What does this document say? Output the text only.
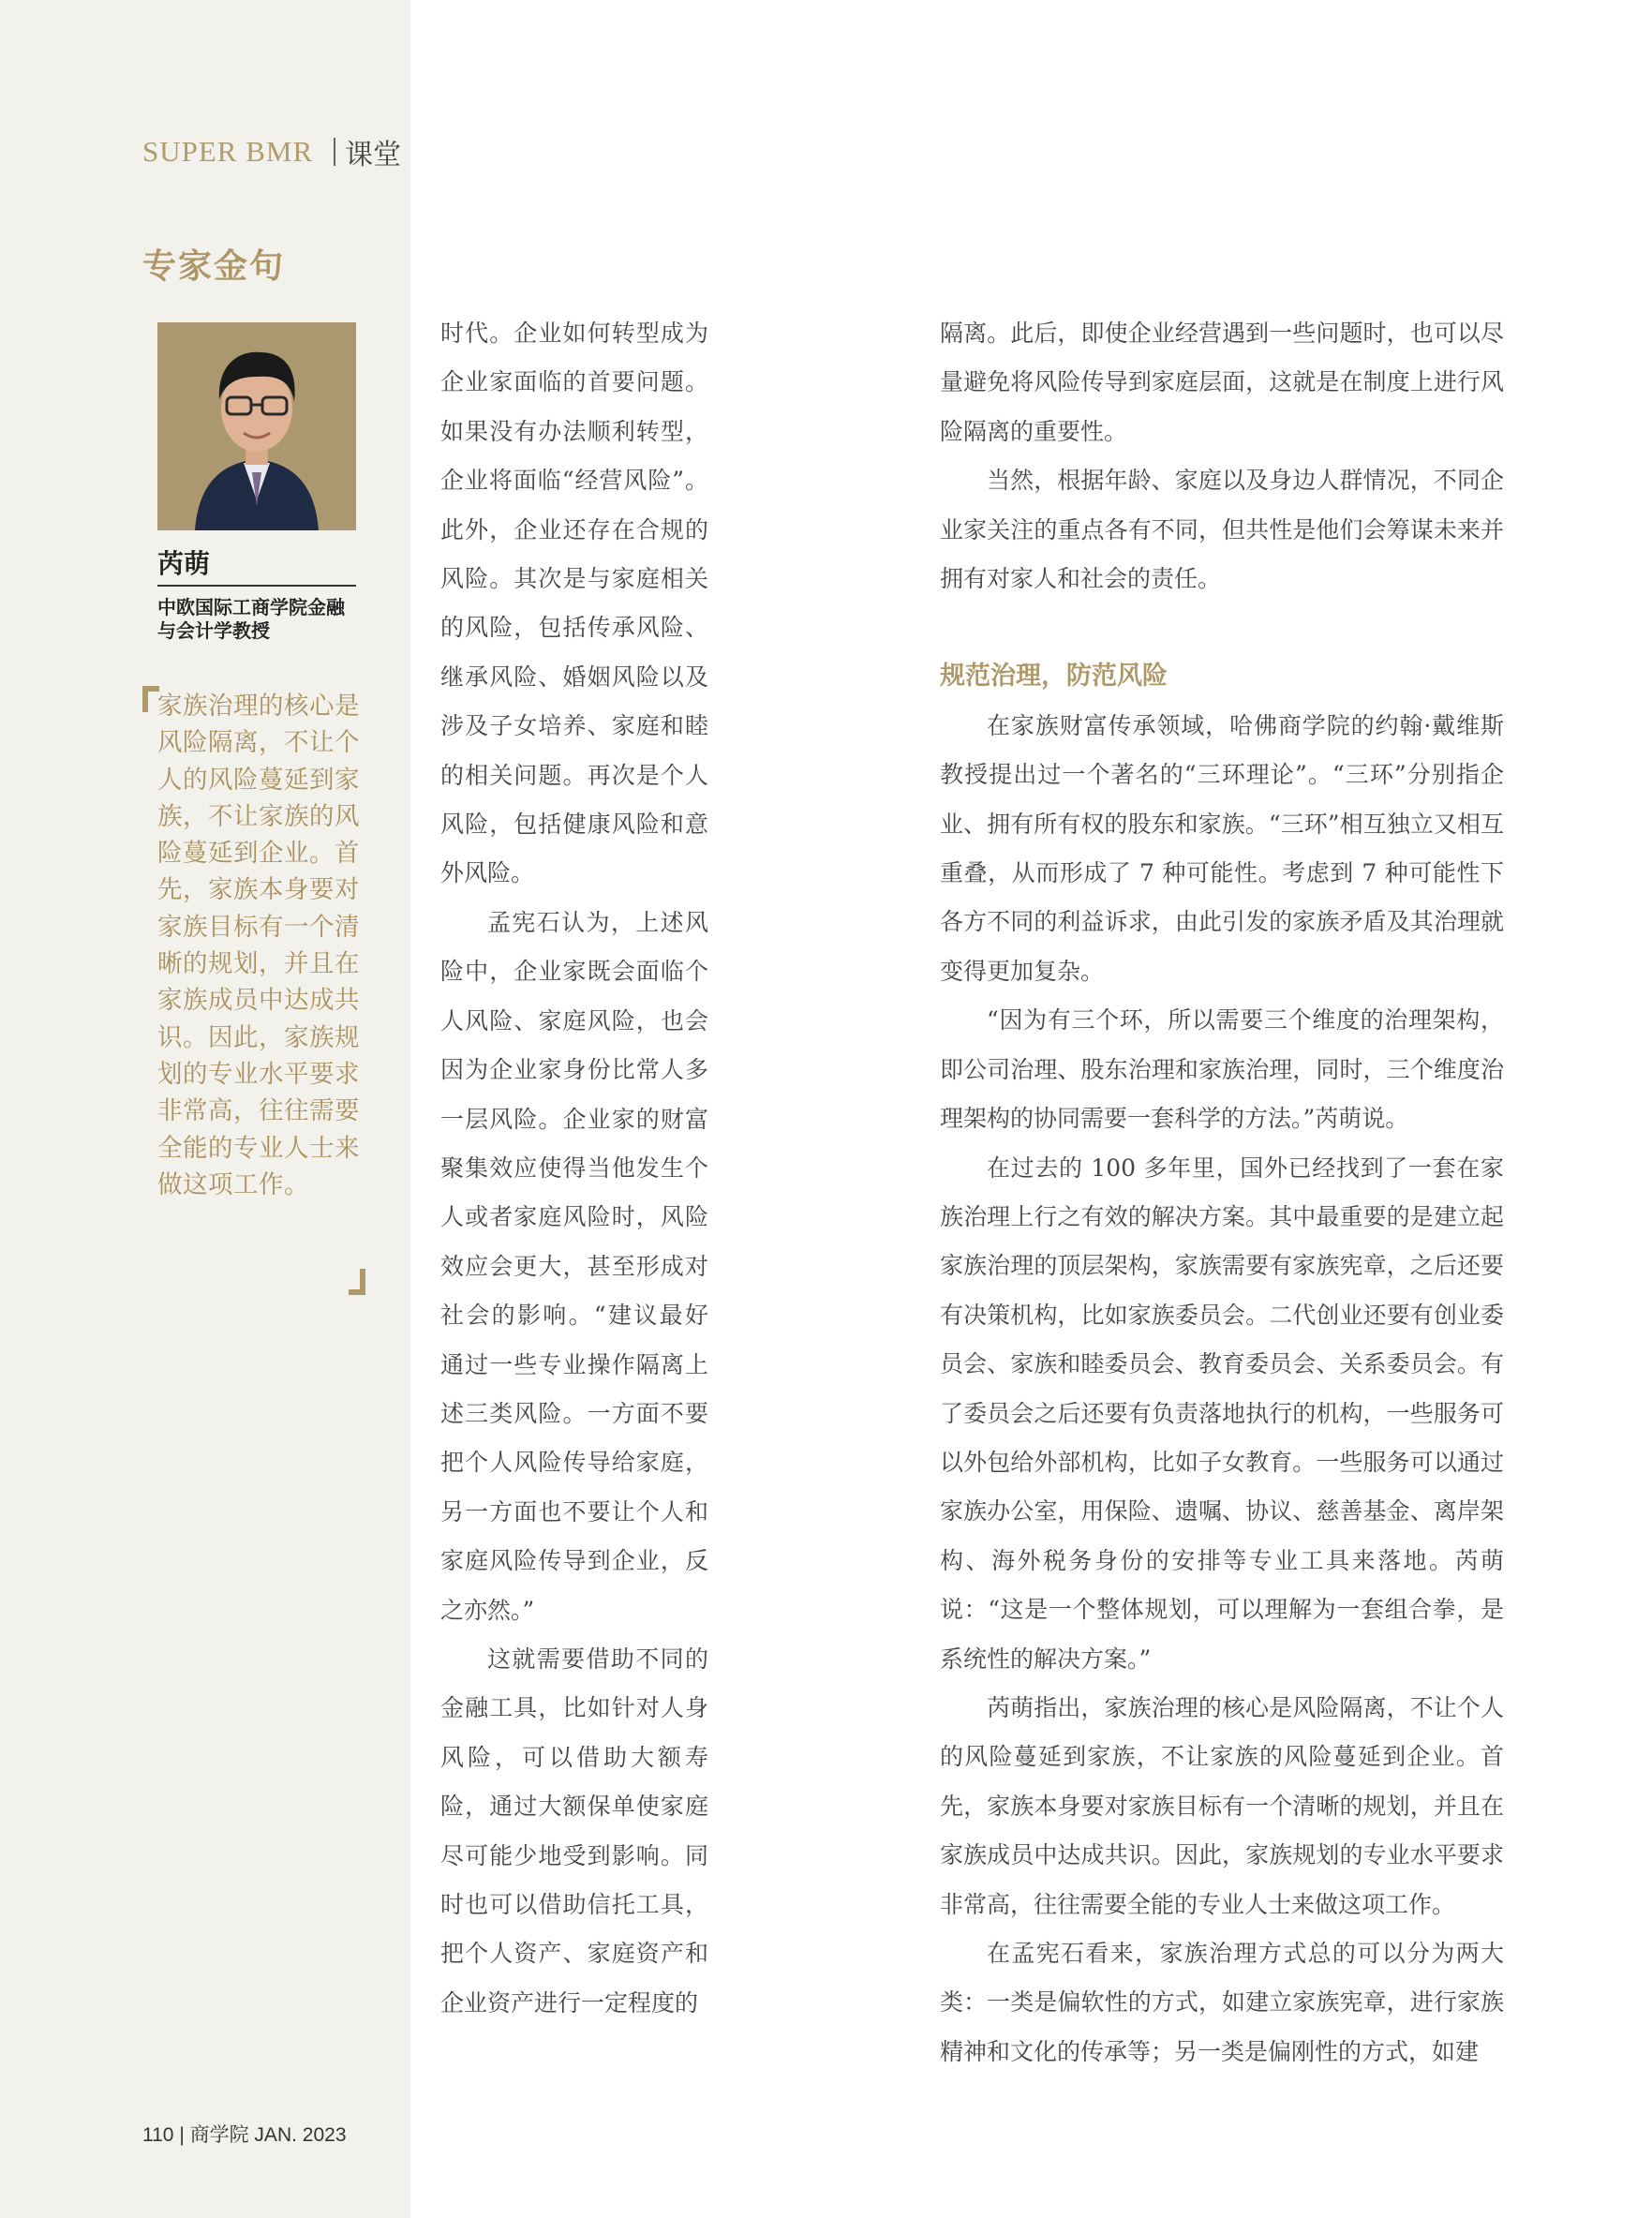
SUPER BMR 课堂
专家金句
芮萌
中欧国际工商学院金融与会计学教授
家族治理的核心是风险隔离，不让个人的风险蔓延到家族，不让家族的风险蔓延到企业。首先，家族本身要对家族目标有一个清晰的规划，并且在家族成员中达成共识。因此，家族规划的专业水平要求非常高，往往需要全能的专业人士来做这项工作。

时代。企业如何转型成为企业家面临的首要问题。如果没有办法顺利转型，企业将面临“经营风险”。此外，企业还存在合规的风险。其次是与家庭相关的风险，包括传承风险、继承风险、婚姻风险以及涉及子女培养、家庭和睦的相关问题。再次是个人风险，包括健康风险和意外风险。

孟宪石认为，上述风险中，企业家既会面临个人风险、家庭风险，也会因为企业家身份比常人多一层风险。企业家的财富聚集效应使得当他发生个人或者家庭风险时，风险效应会更大，甚至形成对社会的影响。“建议最好通过一些专业操作隔离上述三类风险。一方面不要把个人风险传导给家庭，另一方面也不要让个人和家庭风险传导到企业，反之亦然。”

这就需要借助不同的金融工具，比如针对人身风险，可以借助大额寿险，通过大额保单使家庭尽可能少地受到影响。同时也可以借助信托工具，把个人资产、家庭资产和企业资产进行一定程度的

隔离。此后，即使企业经营遇到一些问题时，也可以尽量避免将风险传导到家庭层面，这就是在制度上进行风险隔离的重要性。

当然，根据年龄、家庭以及身边人群情况，不同企业家关注的重点各有不同，但共性是他们会筹谋未来并拥有对家人和社会的责任。

规范治理，防范风险

在家族财富传承领域，哈佛商学院的约翰·戴维斯教授提出过一个著名的“三环理论”。“三环”分别指企业、拥有所有权的股东和家族。“三环”相互独立又相互重叠，从而形成了 7 种可能性。考虑到 7 种可能性下各方不同的利益诉求，由此引发的家族矛盾及其治理就变得更加复杂。

“因为有三个环，所以需要三个维度的治理架构，即公司治理、股东治理和家族治理，同时，三个维度治理架构的协同需要一套科学的方法。”芮萌说。

在过去的 100 多年里，国外已经找到了一套在家族治理上行之有效的解决方案。其中最重要的是建立起家族治理的顶层架构，家族需要有家族宪章，之后还要有决策机构，比如家族委员会。二代创业还要有创业委员会、家族和睦委员会、教育委员会、关系委员会。有了委员会之后还要有负责落地执行的机构，一些服务可以外包给外部机构，比如子女教育。一些服务可以通过家族办公室，用保险、遗嘱、协议、慈善基金、离岸架构、海外税务身份的安排等专业工具来落地。芮萌说：“这是一个整体规划，可以理解为一套组合拳，是系统性的解决方案。”

芮萌指出，家族治理的核心是风险隔离，不让个人的风险蔓延到家族，不让家族的风险蔓延到企业。首先，家族本身要对家族目标有一个清晰的规划，并且在家族成员中达成共识。因此，家族规划的专业水平要求非常高，往往需要全能的专业人士来做这项工作。

在孟宪石看来，家族治理方式总的可以分为两大类：一类是偏软性的方式，如建立家族宪章，进行家族精神和文化的传承等；另一类是偏刚性的方式，如建

110 | 商学院 JAN. 2023
